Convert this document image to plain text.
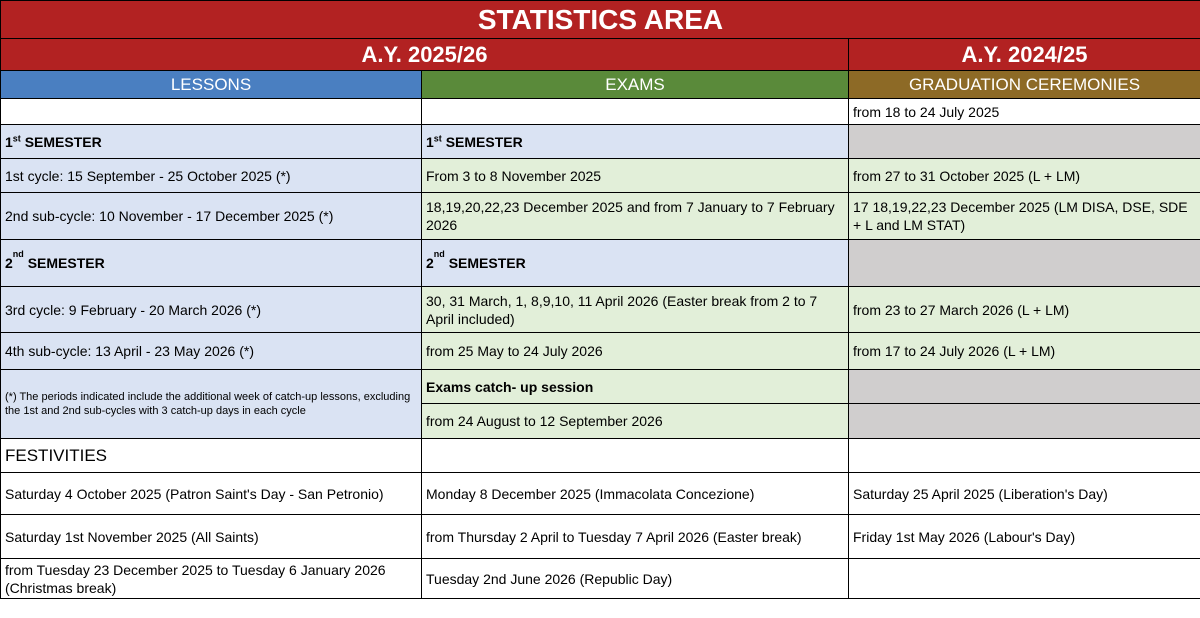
STATISTICS AREA		
A.Y. 2025/26		A.Y. 2024/25
LESSONS	EXAMS	GRADUATION CEREMONIES
		from 18 to 24 July 2025
1st SEMESTER	1st SEMESTER	
1st cycle: 15 September - 25 October 2025 (*)	From 3 to 8 November 2025	from 27 to 31 October 2025 (L + LM)
2nd sub-cycle: 10 November - 17 December 2025 (*)	18,19,20,22,23 December 2025 and from 7 January to 7 February 2026	17 18,19,22,23 December 2025 (LM DISA, DSE, SDE + L and LM STAT)
2nd SEMESTER	2nd SEMESTER	
3rd cycle: 9 February - 20 March 2026 (*)	30, 31 March, 1, 8,9,10, 11 April 2026 (Easter break from 2 to 7 April included)	from 23 to 27 March 2026 (L + LM)
4th sub-cycle: 13 April - 23 May 2026 (*)	from 25 May to 24 July 2026	from 17 to 24 July 2026 (L + LM)
(*) The periods indicated include the additional week of catch-up lessons, excluding the 1st and 2nd sub-cycles with 3 catch-up days in each cycle	Exams catch- up session	
	from 24 August to 12 September 2026	
FESTIVITIES		
Saturday 4 October 2025 (Patron Saint's Day - San Petronio)	Monday 8 December 2025 (Immacolata Concezione)	Saturday 25 April 2025 (Liberation's Day)
Saturday 1st November 2025 (All Saints)	from Thursday 2 April to Tuesday 7 April 2026 (Easter break)	Friday 1st May 2026 (Labour's Day)
from Tuesday 23 December 2025 to Tuesday 6 January 2026 (Christmas break)	Tuesday 2nd June 2026 (Republic Day)	
